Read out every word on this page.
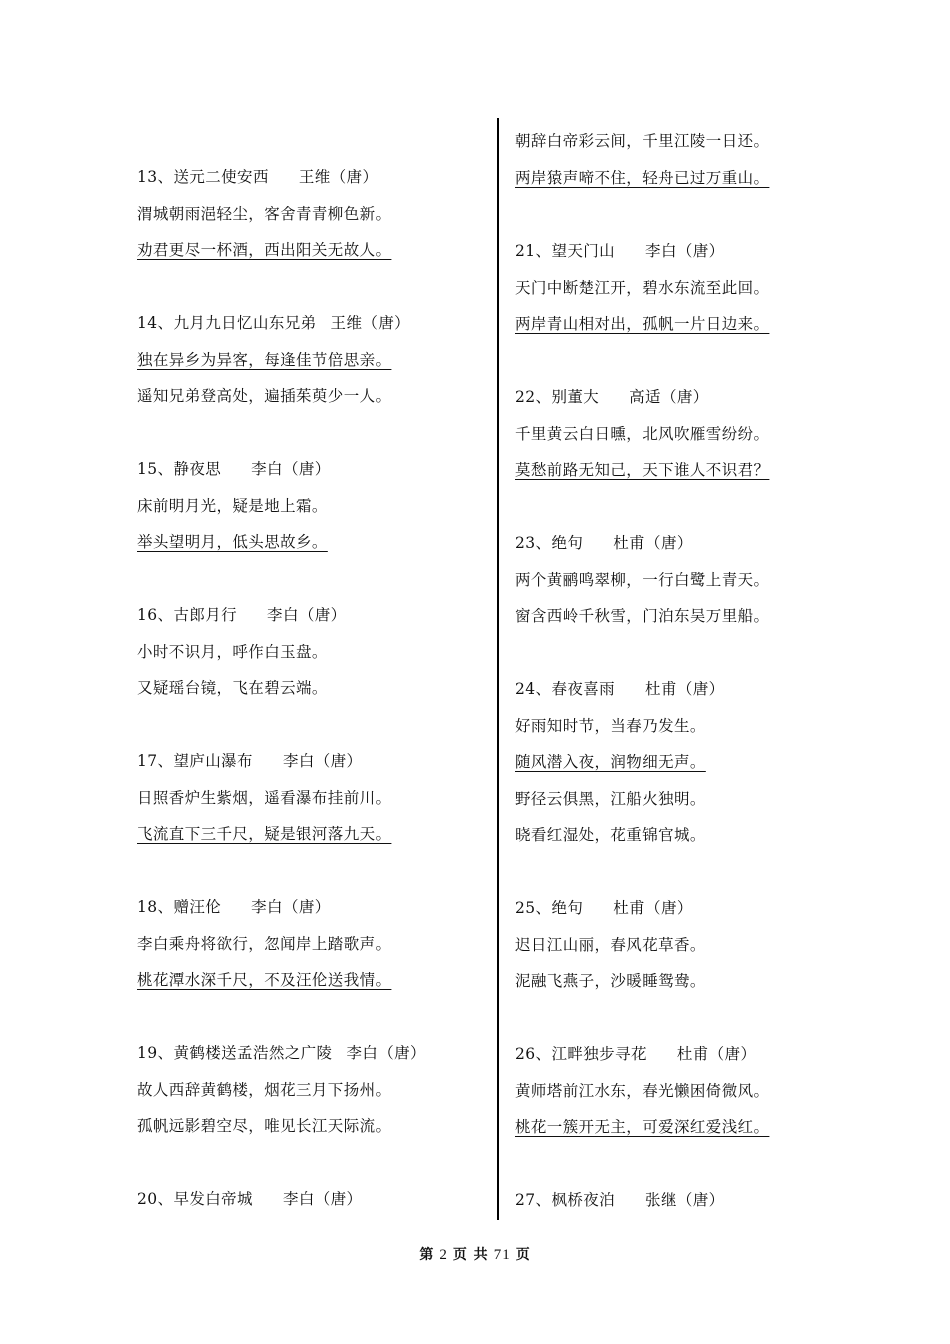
13、送元二使安西 王维（唐）
渭城朝雨浥轻尘，客舍青青柳色新。
劝君更尽一杯酒，西出阳关无故人。
14、九月九日忆山东兄弟 王维（唐）
独在异乡为异客，每逢佳节倍思亲。
遥知兄弟登高处，遍插茱萸少一人。
15、静夜思 李白（唐）
床前明月光，疑是地上霜。
举头望明月，低头思故乡。
16、古郎月行 李白（唐）
小时不识月，呼作白玉盘。
又疑瑶台镜，飞在碧云端。
17、望庐山瀑布 李白（唐）
日照香炉生紫烟，遥看瀑布挂前川。
飞流直下三千尺，疑是银河落九天。
18、赠汪伦 李白（唐）
李白乘舟将欲行，忽闻岸上踏歌声。
桃花潭水深千尺，不及汪伦送我情。
19、黄鹤楼送孟浩然之广陵 李白（唐）
故人西辞黄鹤楼，烟花三月下扬州。
孤帆远影碧空尽，唯见长江天际流。
20、早发白帝城 李白（唐）
朝辞白帝彩云间，千里江陵一日还。
两岸猿声啼不住，轻舟已过万重山。
21、望天门山 李白（唐）
天门中断楚江开，碧水东流至此回。
两岸青山相对出，孤帆一片日边来。
22、别董大 高适（唐）
千里黄云白日曛，北风吹雁雪纷纷。
莫愁前路无知己，天下谁人不识君？
23、绝句 杜甫（唐）
两个黄鹂鸣翠柳，一行白鹭上青天。
窗含西岭千秋雪，门泊东吴万里船。
24、春夜喜雨 杜甫（唐）
好雨知时节，当春乃发生。
随风潜入夜，润物细无声。
野径云俱黑，江船火独明。
晓看红湿处，花重锦官城。
25、绝句 杜甫（唐）
迟日江山丽，春风花草香。
泥融飞燕子，沙暖睡鸳鸯。
26、江畔独步寻花 杜甫（唐）
黄师塔前江水东，春光懒困倚微风。
桃花一簇开无主，可爱深红爱浅红。
27、枫桥夜泊 张继（唐）
第 2 页 共 71 页
